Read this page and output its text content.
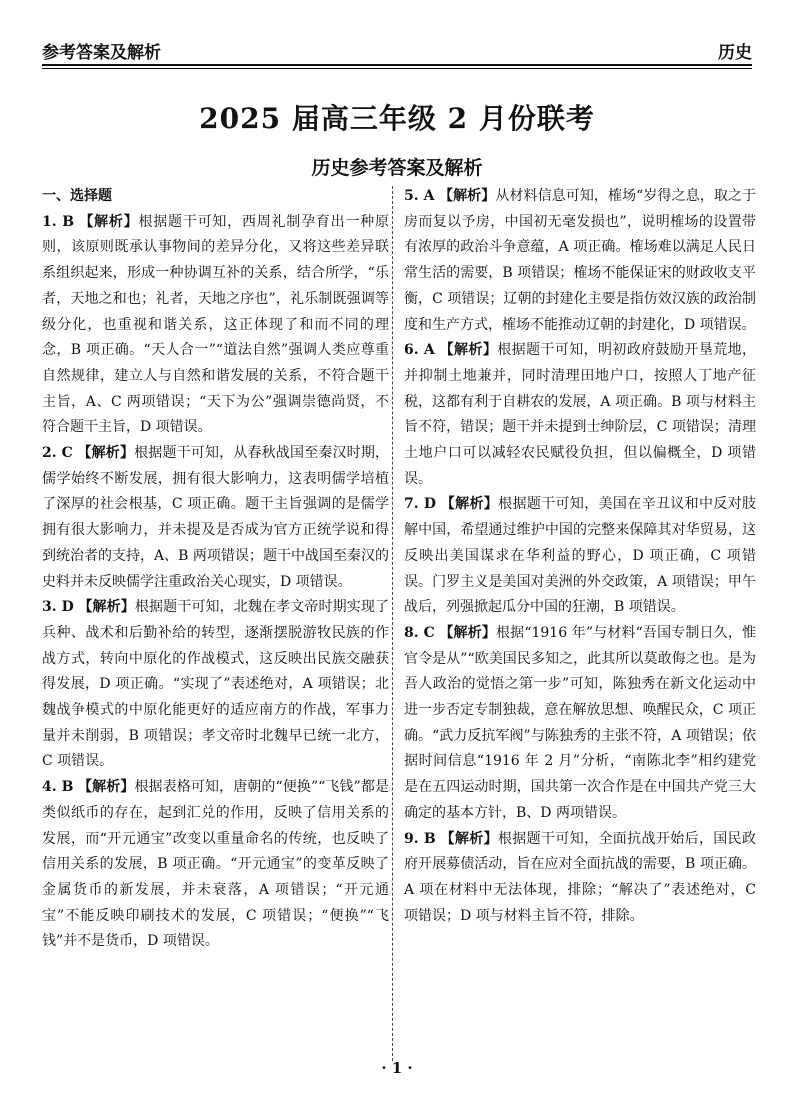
参考答案及解析	历史
2025 届高三年级 2 月份联考
历史参考答案及解析
一、选择题

1. B 【解析】根据题干可知，西周礼制孕育出一种原则，该原则既承认事物间的差异分化，又将这些差异联系组织起来，形成一种协调互补的关系，结合所学，“乐者，天地之和也；礼者，天地之序也”，礼乐制既强调等级分化，也重视和谐关系，这正体现了和而不同的理念，B 项正确。“天人合一”“道法自然”强调人类应尊重自然规律，建立人与自然和谐发展的关系，不符合题干主旨，A、C 两项错误；“天下为公”强调崇德尚贤，不符合题干主旨，D 项错误。

2. C 【解析】根据题干可知，从春秋战国至秦汉时期，儒学始终不断发展，拥有很大影响力，这表明儒学培植了深厚的社会根基，C 项正确。题干主旨强调的是儒学拥有很大影响力，并未提及是否成为官方正统学说和得到统治者的支持，A、B 两项错误；题干中战国至秦汉的史料并未反映儒学注重政治关心现实，D 项错误。

3. D 【解析】根据题干可知，北魏在孝文帝时期实现了兵种、战术和后勤补给的转型，逐渐摆脱游牧民族的作战方式，转向中原化的作战模式，这反映出民族交融获得发展，D 项正确。“实现了”表述绝对，A 项错误；北魏战争模式的中原化能更好的适应南方的作战，军事力量并未削弱，B 项错误；孝文帝时北魏早已统一北方，C 项错误。

4. B 【解析】根据表格可知，唐朝的“便换”“飞钱”都是类似纸币的存在，起到汇兑的作用，反映了信用关系的发展，而“开元通宝”改变以重量命名的传统，也反映了信用关系的发展，B 项正确。“开元通宝”的变革反映了金属货币的新发展，并未衰落，A 项错误；“开元通宝”不能反映印刷技术的发展，C 项错误；“便换”“飞钱”并不是货币，D 项错误。

5. A 【解析】从材料信息可知，榷场“岁得之息，取之于房而复以予房，中国初无毫发损也”，说明榷场的设置带有浓厚的政治斗争意蕴，A 项正确。榷场难以满足人民日常生活的需要，B 项错误；榷场不能保证宋的财政收支平衡，C 项错误；辽朝的封建化主要是指仿效汉族的政治制度和生产方式，榷场不能推动辽朝的封建化，D 项错误。

6. A 【解析】根据题干可知，明初政府鼓励开垦荒地，并抑制土地兼并，同时清理田地户口，按照人丁地产征税，这都有利于自耕农的发展，A 项正确。B 项与材料主旨不符，错误；题干并未提到士绅阶层，C 项错误；清理土地户口可以减轻农民赋役负担，但以偏概全，D 项错误。

7. D 【解析】根据题干可知，美国在辛丑议和中反对肢解中国，希望通过维护中国的完整来保障其对华贸易，这反映出美国谋求在华利益的野心，D 项正确，C 项错误。门罗主义是美国对美洲的外交政策，A 项错误；甲午战后，列强掀起瓜分中国的狂潮，B 项错误。

8. C 【解析】根据“1916 年”与材料“吾国专制日久，惟官令是从”“欧美国民多知之，此其所以莫敢侮之也。是为吾人政治的觉悟之第一步”可知，陈独秀在新文化运动中进一步否定专制独裁，意在解放思想、唤醒民众，C 项正确。“武力反抗军阀”与陈独秀的主张不符，A 项错误；依据时间信息“1916 年 2 月”分析，“南陈北李”相约建党是在五四运动时期，国共第一次合作是在中国共产党三大确定的基本方针，B、D 两项错误。

9. B 【解析】根据题干可知，全面抗战开始后，国民政府开展募债活动，旨在应对全面抗战的需要，B 项正确。A 项在材料中无法体现，排除；“解决了”表述绝对，C 项错误；D 项与材料主旨不符，排除。

· 1 ·
